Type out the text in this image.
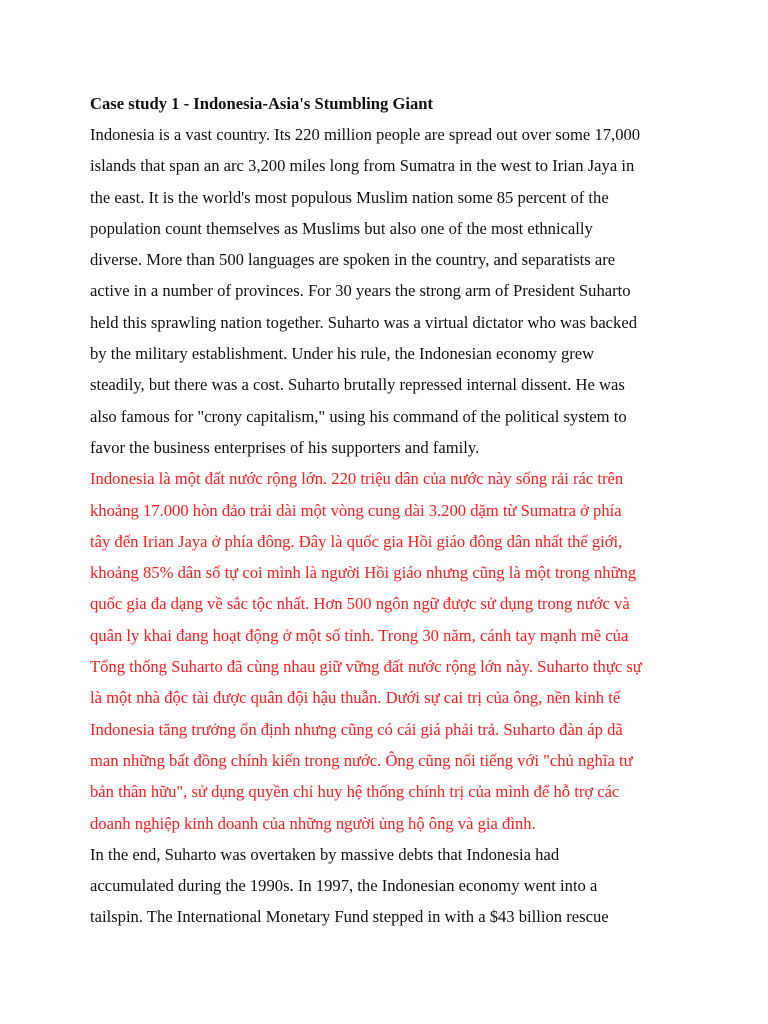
Case study 1 - Indonesia-Asia's Stumbling Giant

Indonesia is a vast country. Its 220 million people are spread out over some 17,000
islands that span an arc 3,200 miles long from Sumatra in the west to Irian Jaya in
the east. It is the world's most populous Muslim nation some 85 percent of the
population count themselves as Muslims but also one of the most ethnically
diverse. More than 500 languages are spoken in the country, and separatists are
active in a number of provinces. For 30 years the strong arm of President Suharto
held this sprawling nation together. Suharto was a virtual dictator who was backed
by the military establishment. Under his rule, the Indonesian economy grew
steadily, but there was a cost. Suharto brutally repressed internal dissent. He was
also famous for "crony capitalism," using his command of the political system to
favor the business enterprises of his supporters and family.

Indonesia là một đất nước rộng lớn. 220 triệu dân của nước này sống rải rác trên
khoảng 17.000 hòn đảo trải dài một vòng cung dài 3.200 dặm từ Sumatra ở phía
tây đến Irian Jaya ở phía đông. Đây là quốc gia Hồi giáo đông dân nhất thế giới,
khoảng 85% dân số tự coi mình là người Hồi giáo nhưng cũng là một trong những
quốc gia đa dạng về sắc tộc nhất. Hơn 500 ngôn ngữ được sử dụng trong nước và
quân ly khai đang hoạt động ở một số tỉnh. Trong 30 năm, cánh tay mạnh mẽ của
Tổng thống Suharto đã cùng nhau giữ vững đất nước rộng lớn này. Suharto thực sự
là một nhà độc tài được quân đội hậu thuẫn. Dưới sự cai trị của ông, nền kinh tế
Indonesia tăng trưởng ổn định nhưng cũng có cái giá phải trả. Suharto đàn áp dã
man những bất đồng chính kiến trong nước. Ông cũng nổi tiếng với "chủ nghĩa tư
bản thân hữu", sử dụng quyền chỉ huy hệ thống chính trị của mình để hỗ trợ các
doanh nghiệp kinh doanh của những người ủng hộ ông và gia đình.

In the end, Suharto was overtaken by massive debts that Indonesia had
accumulated during the 1990s. In 1997, the Indonesian economy went into a
tailspin. The International Monetary Fund stepped in with a $43 billion rescue
